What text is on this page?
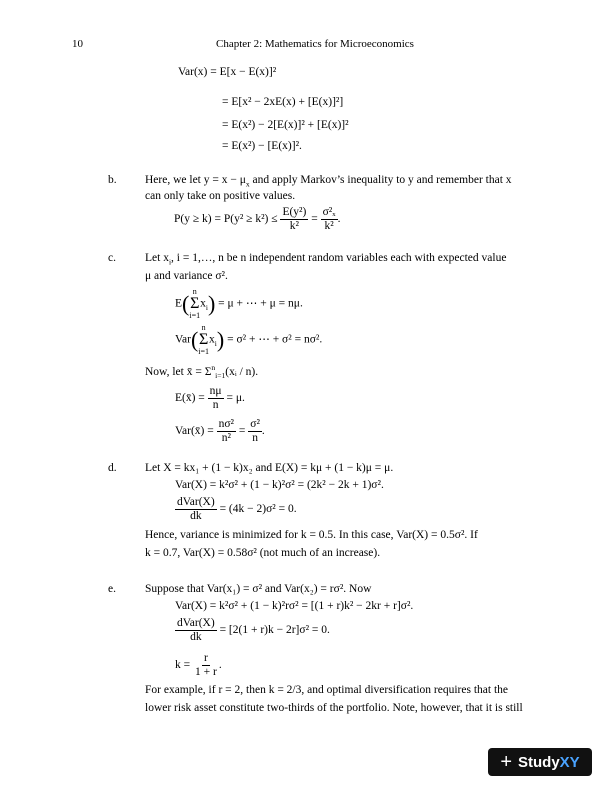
10	Chapter 2: Mathematics for Microeconomics
Var(x) = E[x − E(x)]²
= E[x² − 2xE(x) + [E(x)]²]
= E(x²) − 2[E(x)]² + [E(x)]²
= E(x²) − [E(x)]².
b. Here, we let $y = x - \mu_x$ and apply Markov’s inequality to y and remember that x
can only take on positive values.
$P(y \ge k) = P(y^2 \ge k^2) \le \frac{\text{E(y²)}}{\text{k²}} = \frac{\text{σ²ₓ}}{\text{k²}}$ .
c.	Let $x_i$, i = 1,…, n be n independent random variables each with expected value
μ and variance σ².
E( n
Σ
i=1
$x_i) = \mu$ + ⋯ + μ = nμ.
Var( n
Σ
i=1
$x_i) = \sigma^2$ + ⋯ + σ² = nσ².
Now, let x̄ = $\Sigma^n_{i=1}(xᵢ / n)$.
E(x̄) = $\frac{n\mu}{n} = \mu$.
Var(x̄) = $\frac{\text{nσ²}}{\text{n²}} = \frac{\text{σ²}}{n}$ .
d. Let X = kx₁ + (1 − k)x₂ and E(X) = kμ + (1 − k)μ = μ.
Var(X) = k²σ² + (1 − k)²σ² = (2k² − 2k + 1)σ².
$\frac{\text{dVar(X)}}{dk} = (4k - 2)\sigma^2 = 0$.
Hence, variance is minimized for k = 0.5. In this case, Var(X) = 0.5σ². If
k = 0.7, Var(X) = 0.58σ² (not much of an increase).
e.	Suppose that Var(x₁) = σ² and Var(x₂) = rσ². Now
Var(X) = k²σ² + (1 − k)²rσ² = [(1 + r)k² − 2kr + r]σ².
$\frac{\text{dVar(X)}}{dk} = [2(1 + r)k - 2r]\sigma^2 = 0$.
$k = \frac{r}{1 + r}$ .
For example, if r = 2, then k = 2/3, and optimal diversification requires that the
lower risk asset constitute two-thirds of the portfolio. Note, however, that it is still
+ Study XY
